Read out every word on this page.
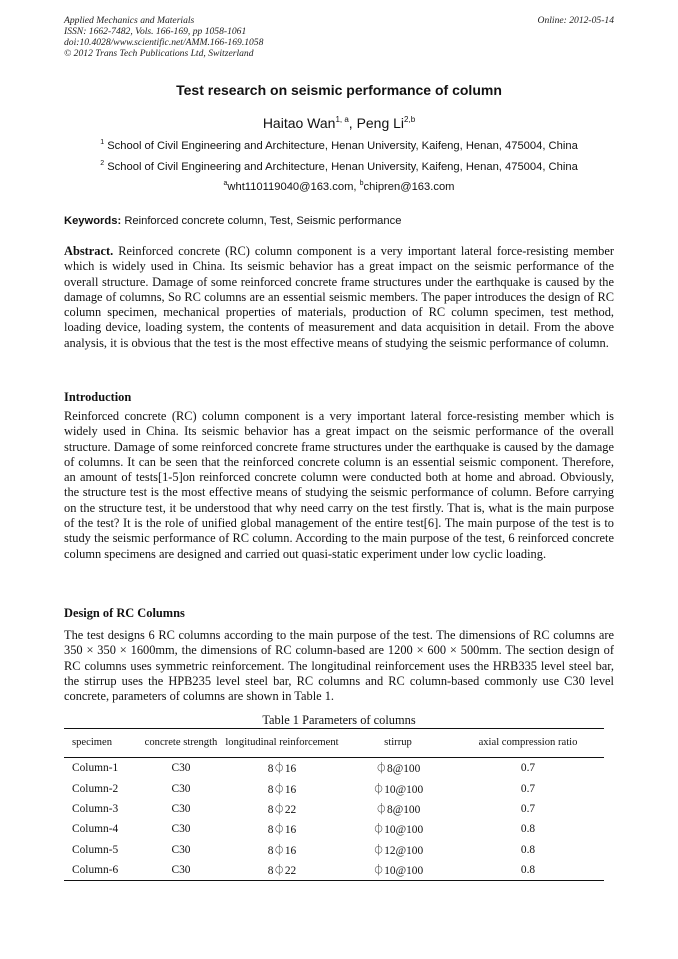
Applied Mechanics and Materials	Online: 2012-05-14
ISSN: 1662-7482, Vols. 166-169, pp 1058-1061
doi:10.4028/www.scientific.net/AMM.166-169.1058
© 2012 Trans Tech Publications Ltd, Switzerland
Test research on seismic performance of column
Haitao Wan$^{1, a}$, Peng Li$^{2,b}$
$^1$ School of Civil Engineering and Architecture, Henan University, Kaifeng, Henan, 475004, China
$^2$ School of Civil Engineering and Architecture, Henan University, Kaifeng, Henan, 475004, China
$^a$wht110119040@163.com, $^b$chipren@163.com
Keywords: Reinforced concrete column, Test, Seismic performance
Abstract. Reinforced concrete (RC) column component is a very important lateral force-resisting member which is widely used in China. Its seismic behavior has a great impact on the seismic performance of the overall structure. Damage of some reinforced concrete frame structures under the earthquake is caused by the damage of columns, So RC columns are an essential seismic members. The paper introduces the design of RC column specimen, mechanical properties of materials, production of RC column specimen, test method, loading device, loading system, the contents of measurement and data acquisition in detail. From the above analysis, it is obvious that the test is the most effective means of studying the seismic performance of column.
Introduction
Reinforced concrete (RC) column component is a very important lateral force-resisting member which is widely used in China. Its seismic behavior has a great impact on the seismic performance of the overall structure. Damage of some reinforced concrete frame structures under the earthquake is caused by the damage of columns. It can be seen that the reinforced concrete column is an essential seismic component. Therefore, an amount of tests[1-5]on reinforced concrete column were conducted both at home and abroad. Obviously, the structure test is the most effective means of studying the seismic performance of column. Before carrying on the structure test, it be understood that why need carry on the test firstly. That is, what is the main purpose of the test? It is the role of unified global management of the entire test[6]. The main purpose of the test is to study the seismic performance of RC column. According to the main purpose of the test, 6 reinforced concrete column specimens are designed and carried out quasi-static experiment under low cyclic loading.
Design of RC Columns
The test designs 6 RC columns according to the main purpose of the test. The dimensions of RC columns are 350 × 350 × 1600mm, the dimensions of RC column-based are 1200 × 600 × 500mm. The section design of RC columns uses symmetric reinforcement. The longitudinal reinforcement uses the HRB335 level steel bar, the stirrup uses the HPB235 level steel bar, RC columns and RC column-based commonly use C30 level concrete, parameters of columns are shown in Table 1.
Table 1 Parameters of columns
specimen	concrete strength	longitudinal reinforcement	stirrup	axial compression ratio
Column-1	C30	8⏀16	⏀8@100	0.7
Column-2	C30	8⏀16	⏀10@100	0.7
Column-3	C30	8⏀22	⏀8@100	0.7
Column-4	C30	8⏀16	⏀10@100	0.8
Column-5	C30	8⏀16	⏀12@100	0.8
Column-6	C30	8⏀22	⏀10@100	0.8
